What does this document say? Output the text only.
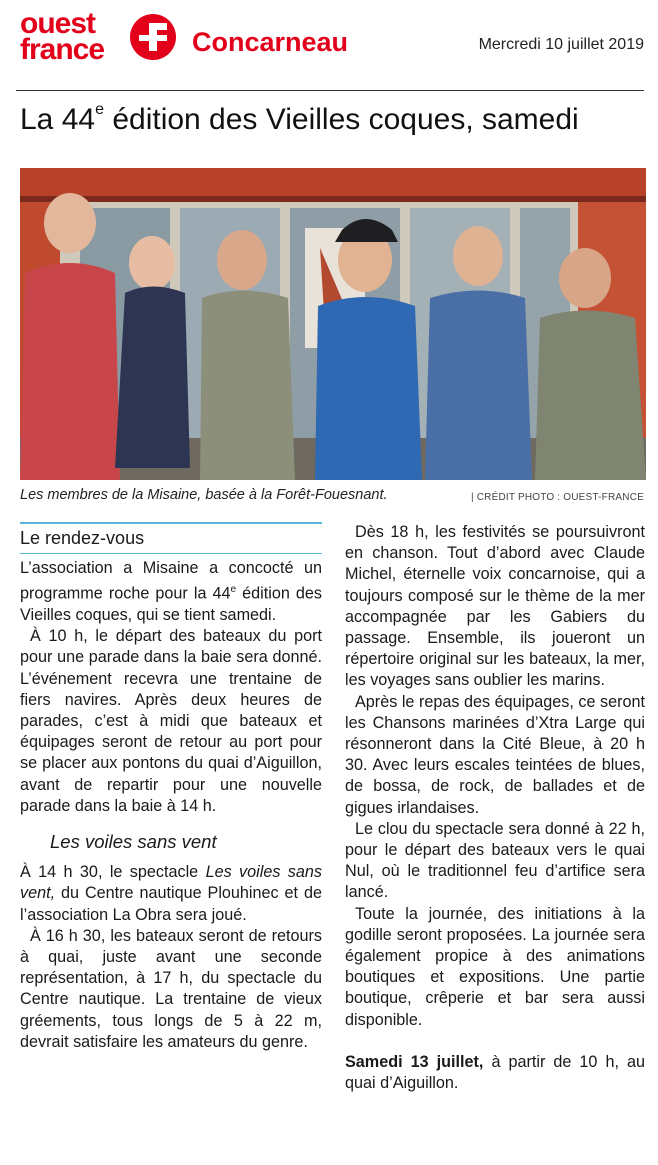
ouest
france	Concarneau	Mercredi 10 juillet 2019
La 44e édition des Vieilles coques, samedi
Les membres de la Misaine, basée à la Forêt-Fouesnant.	| CRÉDIT PHOTO : OUEST-FRANCE
Le rendez-vous

L’association a Misaine a concocté un programme roche pour la 44e édition des Vieilles coques, qui se tient samedi.

À 10 h, le départ des bateaux du port pour une parade dans la baie sera donné. L’événement recevra une trentaine de fiers navires. Après deux heures de parades, c’est à midi que bateaux et équipages seront de retour au port pour se placer aux pontons du quai d’Aiguillon, avant de repartir pour une nouvelle parade dans la baie à 14 h.

Les voiles sans vent

À 14 h 30, le spectacle Les voiles sans vent, du Centre nautique Plouhinec et de l’association La Obra sera joué.

À 16 h 30, les bateaux seront de retours à quai, juste avant une seconde représentation, à 17 h, du spectacle du Centre nautique. La trentaine de vieux gréements, tous longs de 5 à 22 m, devrait satisfaire les amateurs du genre.

Dès 18 h, les festivités se poursuivront en chanson. Tout d’abord avec Claude Michel, éternelle voix concarnoise, qui a toujours composé sur le thème de la mer accompagnée par les Gabiers du passage. Ensemble, ils joueront un répertoire original sur les bateaux, la mer, les voyages sans oublier les marins.

Après le repas des équipages, ce seront les Chansons marinées d’Xtra Large qui résonneront dans la Cité Bleue, à 20 h 30. Avec leurs escales teintées de blues, de bossa, de rock, de ballades et de gigues irlandaises.

Le clou du spectacle sera donné à 22 h, pour le départ des bateaux vers le quai Nul, où le traditionnel feu d’artifice sera lancé.

Toute la journée, des initiations à la godille seront proposées. La journée sera également propice à des animations boutiques et expositions. Une partie boutique, crêperie et bar sera aussi disponible.

Samedi 13 juillet, à partir de 10 h, au quai d’Aiguillon.
